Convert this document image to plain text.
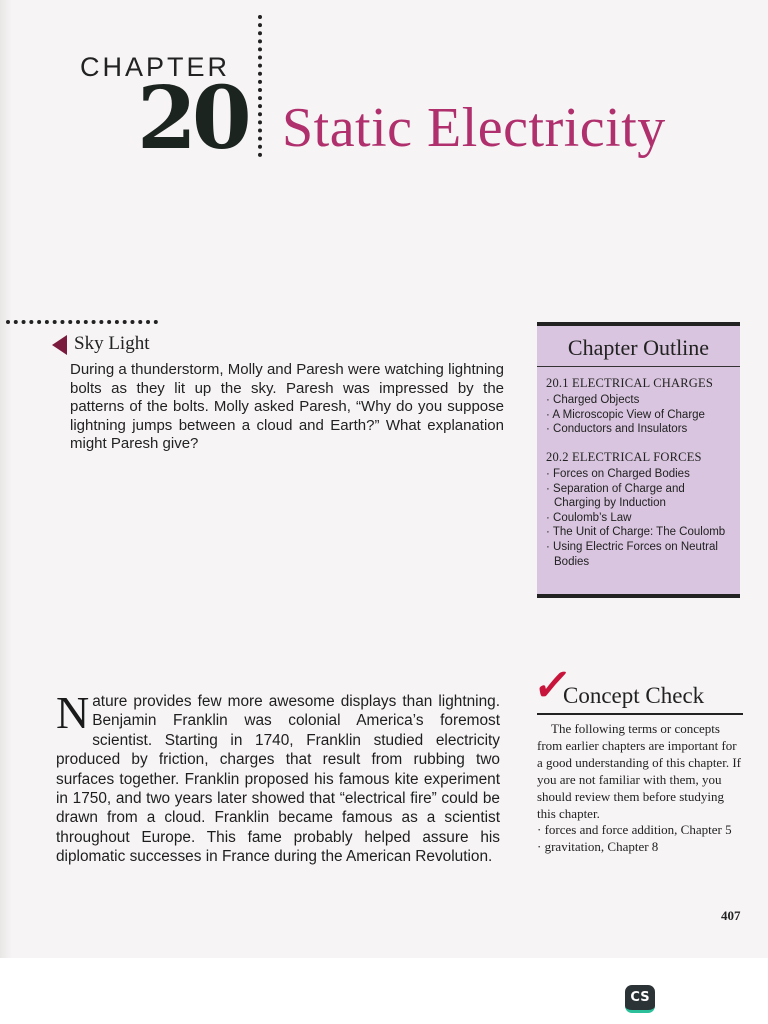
CHAPTER
20 Static Electricity
Sky Light
During a thunderstorm, Molly and Paresh were watching lightning bolts as they lit up the sky. Paresh was impressed by the patterns of the bolts. Molly asked Paresh, “Why do you suppose lightning jumps between a cloud and Earth?” What explanation might Paresh give?
Chapter Outline
20.1 ELECTRICAL CHARGES
· Charged Objects
· A Microscopic View of Charge
· Conductors and Insulators
20.2 ELECTRICAL FORCES
· Forces on Charged Bodies
· Separation of Charge and Charging by Induction
· Coulomb’s Law
· The Unit of Charge: The Coulomb
· Using Electric Forces on Neutral Bodies
Nature provides few more awesome displays than lightning. Benjamin Franklin was colonial America’s foremost scientist. Starting in 1740, Franklin studied electricity produced by friction, charges that result from rubbing two surfaces together. Franklin proposed his famous kite experiment in 1750, and two years later showed that “electrical fire” could be drawn from a cloud. Franklin became famous as a scientist throughout Europe. This fame probably helped assure his diplomatic successes in France during the American Revolution.
✓
Concept Check

The following terms or concepts from earlier chapters are important for a good understanding of this chapter. If you are not familiar with them, you should review them before studying this chapter.

· forces and force addition, Chapter 5
· gravitation, Chapter 8
407
CS
